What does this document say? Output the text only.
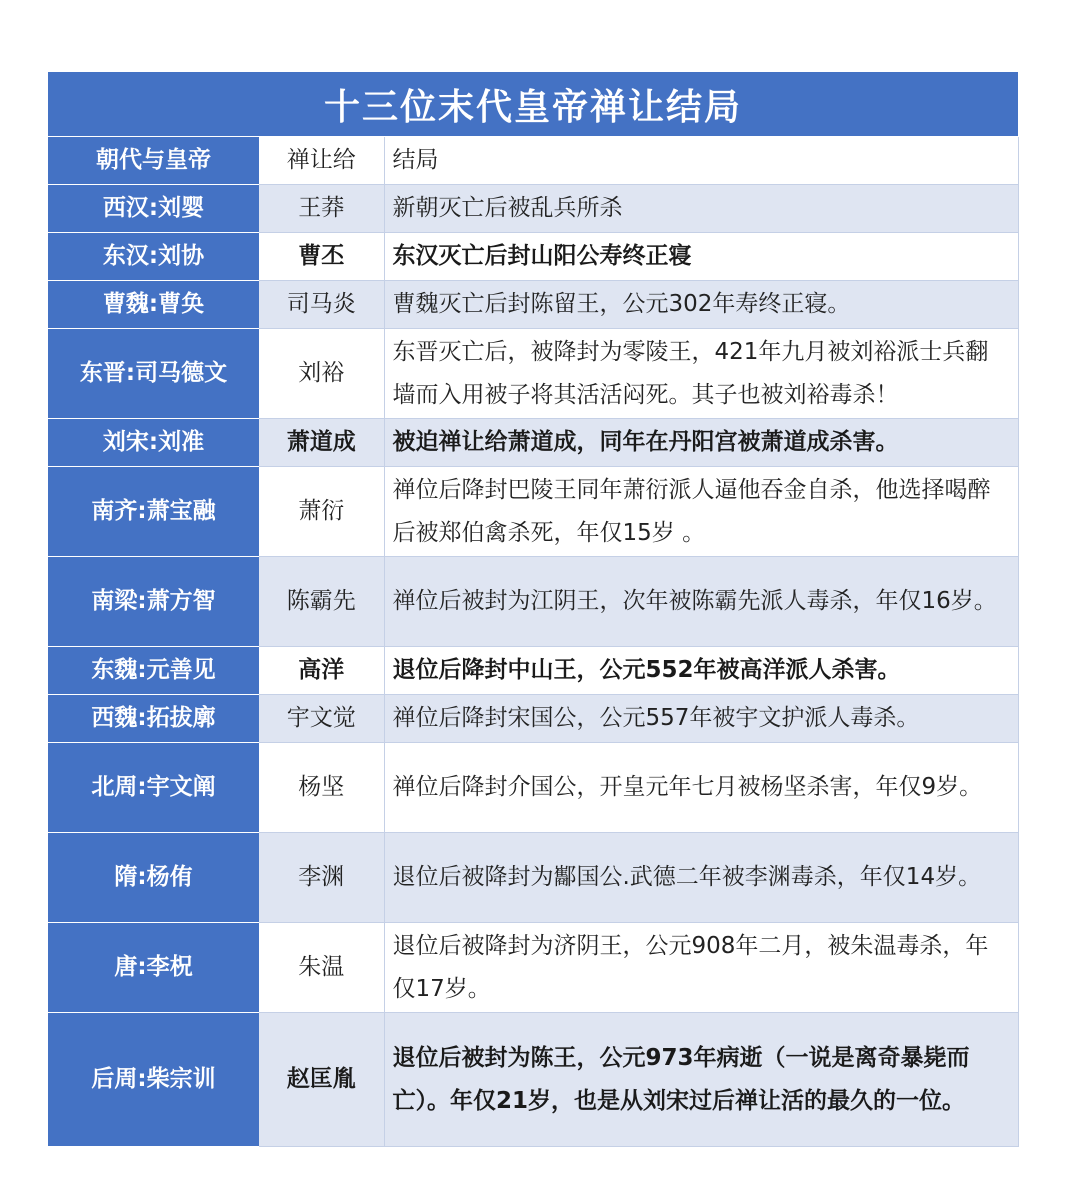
十三位末代皇帝禅让结局
朝代与皇帝	禅让给	结局
西汉:刘婴	王莽	新朝灭亡后被乱兵所杀
东汉:刘协	曹丕	东汉灭亡后封山阳公寿终正寝
曹魏:曹奂	司马炎	曹魏灭亡后封陈留王，公元302年寿终正寝。
东晋:司马德文	刘裕	东晋灭亡后，被降封为零陵王，421年九月被刘裕派士兵翻墙而入用被子将其活活闷死。其子也被刘裕毒杀！
刘宋:刘准	萧道成	被迫禅让给萧道成，同年在丹阳宫被萧道成杀害。
南齐:萧宝融	萧衍	禅位后降封巴陵王同年萧衍派人逼他吞金自杀，他选择喝醉后被郑伯禽杀死，年仅15岁 。
南梁:萧方智	陈霸先	禅位后被封为江阴王，次年被陈霸先派人毒杀，年仅16岁。
东魏:元善见	高洋	退位后降封中山王，公元552年被高洋派人杀害。
西魏:拓拔廓	宇文觉	禅位后降封宋国公，公元557年被宇文护派人毒杀。
北周:宇文阐	杨坚	禅位后降封介国公，开皇元年七月被杨坚杀害，年仅9岁。
隋:杨侑	李渊	退位后被降封为酅国公.武德二年被李渊毒杀，年仅14岁。
唐:李柷	朱温	退位后被降封为济阴王，公元908年二月，被朱温毒杀，年仅17岁。
后周:柴宗训	赵匡胤	退位后被封为陈王，公元973年病逝（一说是离奇暴毙而亡）。年仅21岁，也是从刘宋过后禅让活的最久的一位。
